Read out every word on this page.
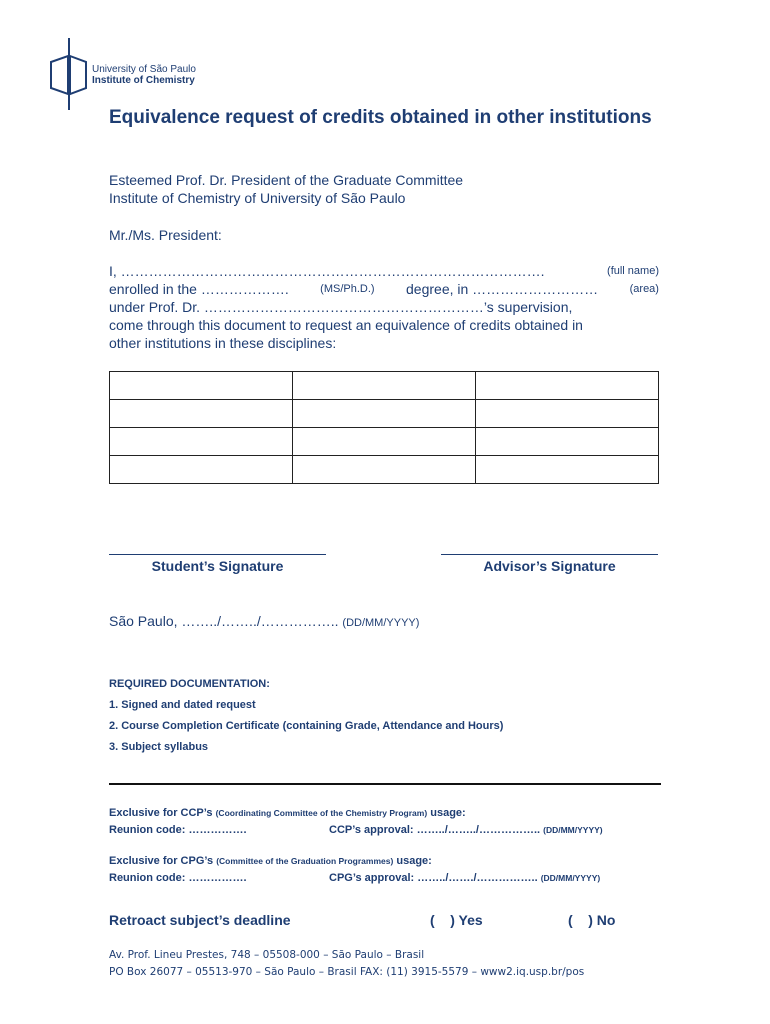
University of São Paulo
Institute of Chemistry
Equivalence request of credits obtained in other institutions
Esteemed Prof. Dr. President of the Graduate Committee
Institute of Chemistry of University of São Paulo
Mr./Ms. President:
I, ……………………………………………………………………………….	(full name)
enrolled in the ……………….	(MS/Ph.D.) degree, in ………………………	(area)
under Prof. Dr. ……………………………………………………’s supervision,
come through this document to request an equivalence of credits obtained in
other institutions in these disciplines:

Student’s Signature	Advisor’s Signature
São Paulo, ……../……../…………….. (DD/MM/YYYY)
REQUIRED DOCUMENTATION:
1. Signed and dated request
2. Course Completion Certificate (containing Grade, Attendance and Hours)
3. Subject syllabus
Exclusive for CCP’s (Coordinating Committee of the Chemistry Program) usage:
Reunion code: …………….	CCP’s approval: ……../……../…………….. (DD/MM/YYYY)
Exclusive for CPG’s (Committee of the Graduation Programmes) usage:
Reunion code: …………….	CPG’s approval: ……../……./…………….. (DD/MM/YYYY)
Retroact subject’s deadline	(    ) Yes	(    ) No
Av. Prof. Lineu Prestes, 748 – 05508-000 – São Paulo – Brasil
PO Box 26077 – 05513-970 – São Paulo – Brasil FAX: (11) 3915-5579 – www2.iq.usp.br/pos
